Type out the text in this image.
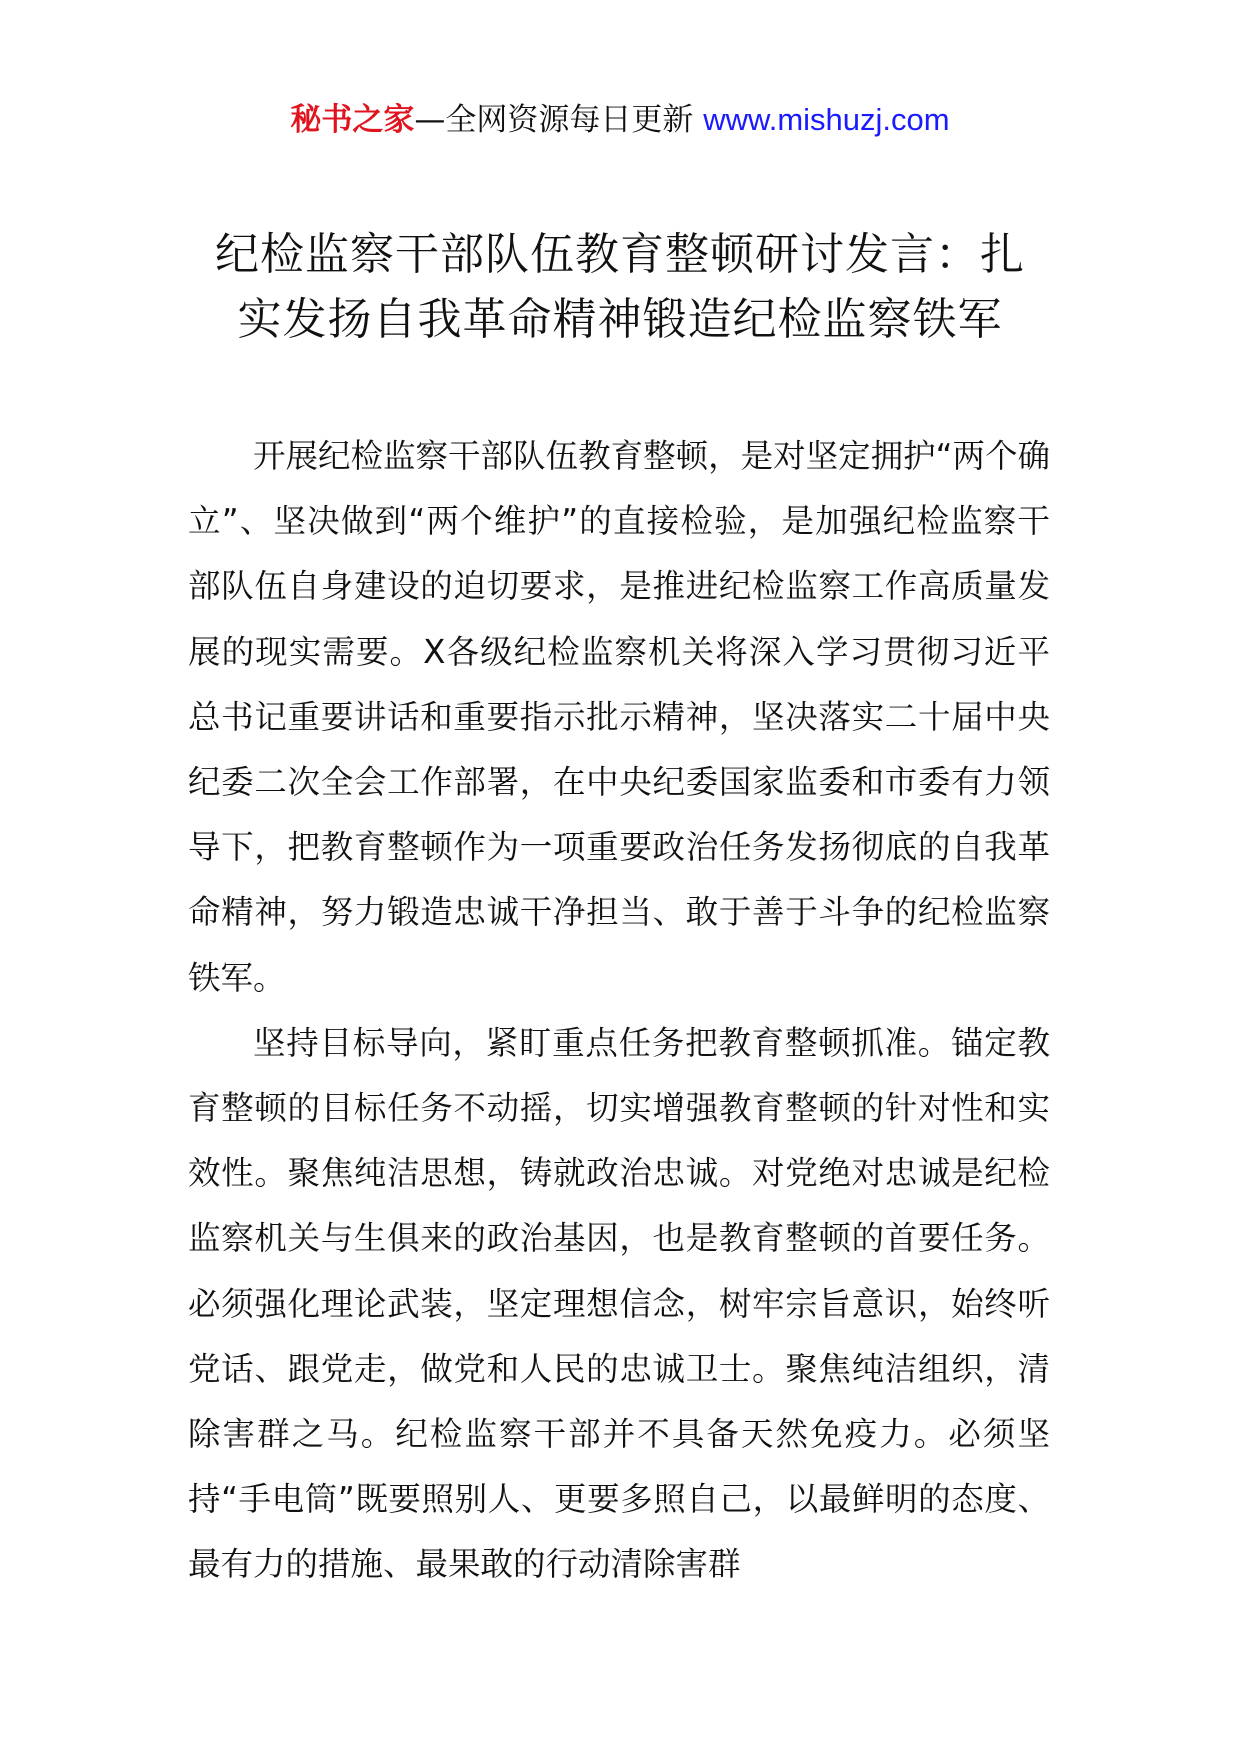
秘书之家—全网资源每日更新 www.mishuzj.com
纪检监察干部队伍教育整顿研讨发言：扎
实发扬自我革命精神锻造纪检监察铁军

开展纪检监察干部队伍教育整顿，是对坚定拥护“两个确立”、坚决做到“两个维护”的直接检验，是加强纪检监察干部队伍自身建设的迫切要求，是推进纪检监察工作高质量发展的现实需要。X各级纪检监察机关将深入学习贯彻习近平总书记重要讲话和重要指示批示精神，坚决落实二十届中央纪委二次全会工作部署，在中央纪委国家监委和市委有力领导下，把教育整顿作为一项重要政治任务发扬彻底的自我革命精神，努力锻造忠诚干净担当、敢于善于斗争的纪检监察铁军。

坚持目标导向，紧盯重点任务把教育整顿抓准。锚定教育整顿的目标任务不动摇，切实增强教育整顿的针对性和实效性。聚焦纯洁思想，铸就政治忠诚。对党绝对忠诚是纪检监察机关与生俱来的政治基因，也是教育整顿的首要任务。必须强化理论武装，坚定理想信念，树牢宗旨意识，始终听党话、跟党走，做党和人民的忠诚卫士。聚焦纯洁组织，清除害群之马。纪检监察干部并不具备天然免疫力。必须坚持“手电筒”既要照别人、更要多照自己，以最鲜明的态度、最有力的措施、最果敢的行动清除害群
